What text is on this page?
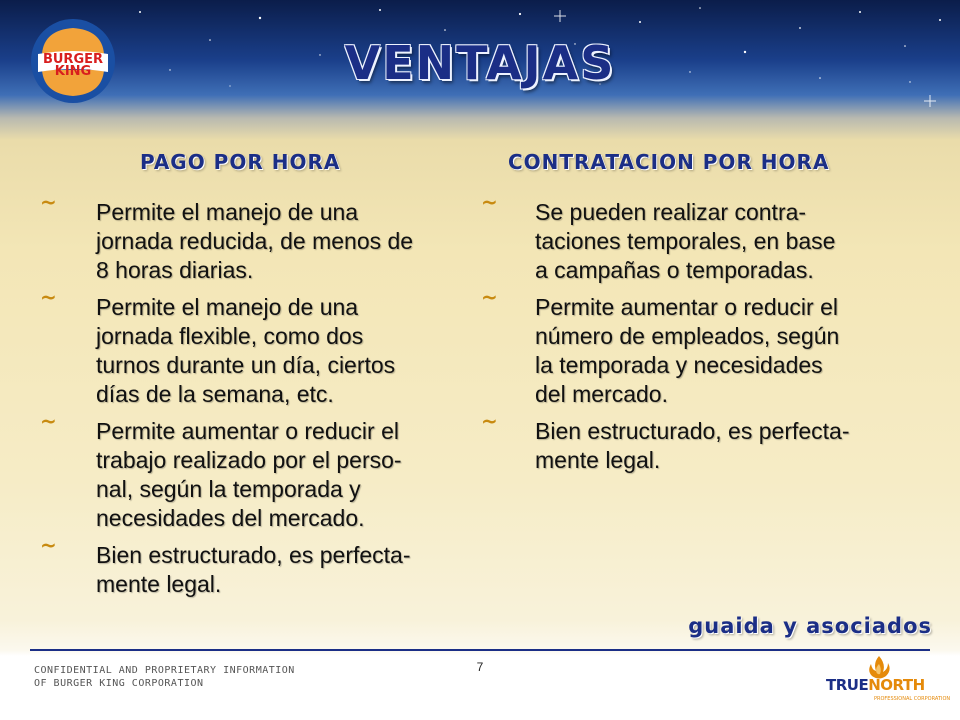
BURGER
KING	VENTAJAS
PAGO POR HORA	CONTRATACION POR HORA
~ Permite el manejo de una
jornada reducida, de menos de
8 horas diarias.
~ Permite el manejo de una
jornada flexible, como dos
turnos durante un día, ciertos
días de la semana, etc.
~ Permite aumentar o reducir el
trabajo realizado por el perso-
nal, según la temporada y
necesidades del mercado.
~ Bien estructurado, es perfecta-
mente legal.
~ Se pueden realizar contra-
taciones temporales, en base
a campañas o temporadas.
~ Permite aumentar o reducir el
número de empleados, según
la temporada y necesidades
del mercado.
~ Bien estructurado, es perfecta-
mente legal.
guaida y asociados
CONFIDENTIAL AND PROPRIETARY INFORMATION
OF BURGER KING CORPORATION
7
TRUENORTH
PROFESSIONAL CORPORATION
